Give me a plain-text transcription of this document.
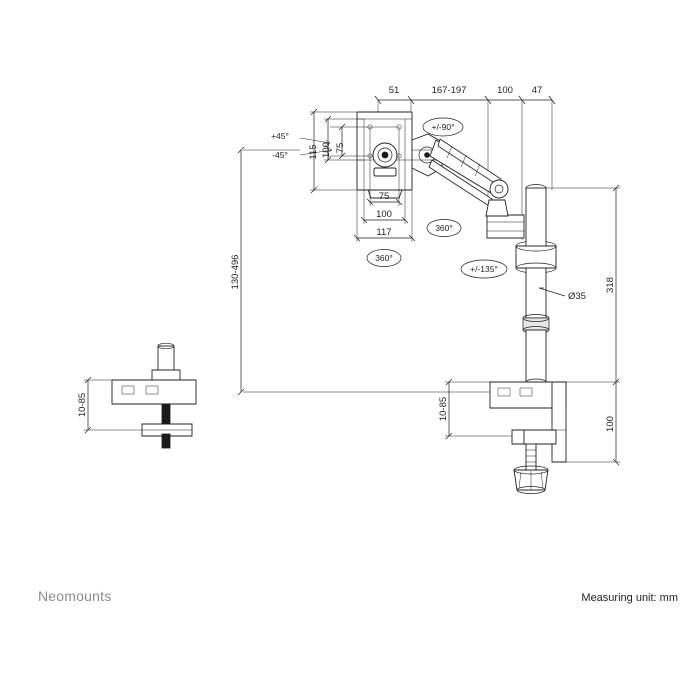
51	167-197	100 47
+45°
-45°
+/-90°
360°
360°
+/-135°
115 100 75
75
100
117
130-496
Ø35
318
100
10-85
10-85
Neomounts	Measuring unit: mm
